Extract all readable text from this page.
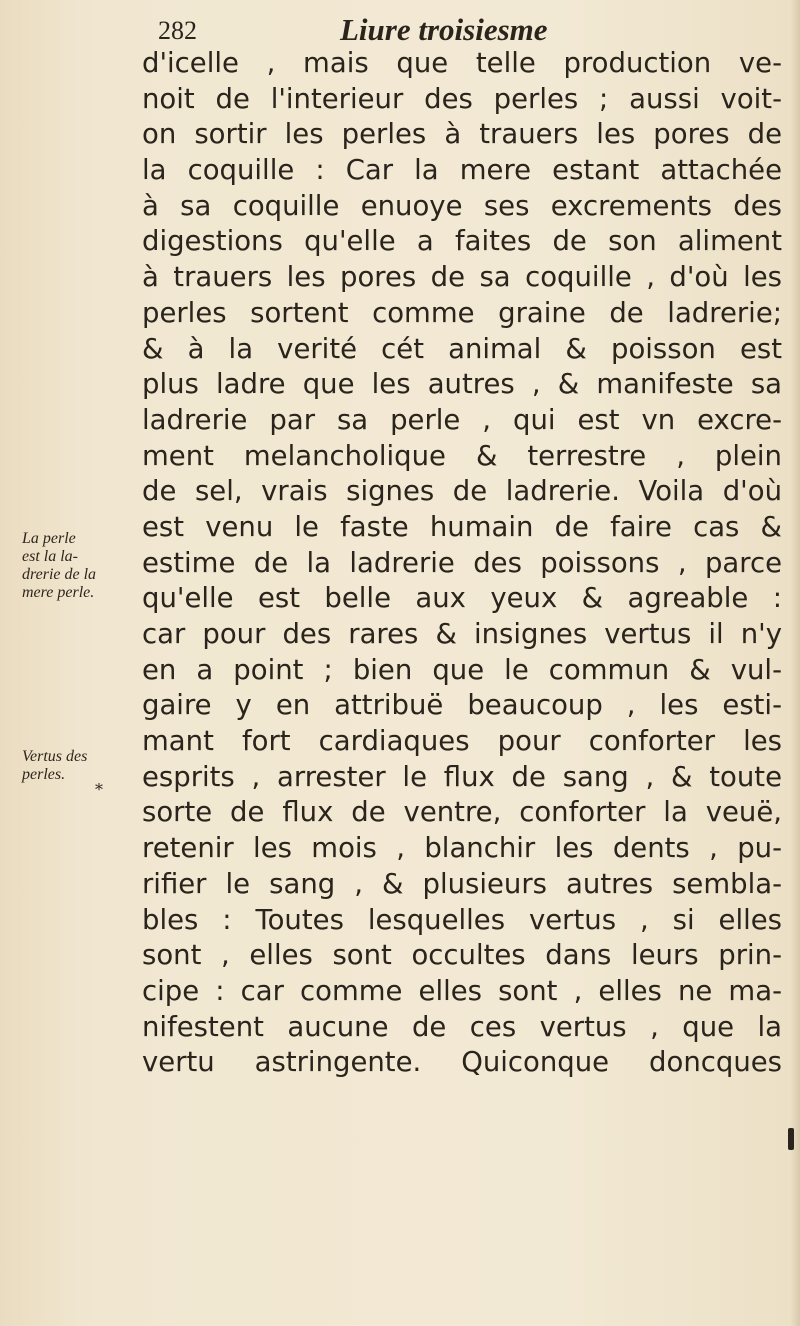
282	Liure troisiesme
La perle
est la la-
drerie de la
mere perle.
Vertus des
perles.
*
d'icelle , mais que telle production ve-
noit de l'interieur des perles ; aussi voit-
on sortir les perles à trauers les pores de
la coquille : Car la mere estant attachée
à sa coquille enuoye ses excrements des
digestions qu'elle a faites de son aliment
à trauers les pores de sa coquille , d'où les
perles sortent comme graine de ladrerie;
& à la verité cét animal & poisson est
plus ladre que les autres , & manifeste sa
ladrerie par sa perle , qui est vn excre-
ment melancholique & terrestre , plein
de sel, vrais signes de ladrerie. Voila d'où
est venu le faste humain de faire cas &
estime de la ladrerie des poissons , parce
qu'elle est belle aux yeux & agreable :
car pour des rares & insignes vertus il n'y
en a point ; bien que le commun & vul-
gaire y en attribuë beaucoup , les esti-
mant fort cardiaques pour conforter les
esprits , arrester le flux de sang , & toute
sorte de flux de ventre, conforter la veuë,
retenir les mois , blanchir les dents , pu-
rifier le sang , & plusieurs autres sembla-
bles : Toutes lesquelles vertus , si elles
sont , elles sont occultes dans leurs prin-
cipe : car comme elles sont , elles ne ma-
nifestent aucune de ces vertus , que la
vertu astringente. Quiconque doncques
